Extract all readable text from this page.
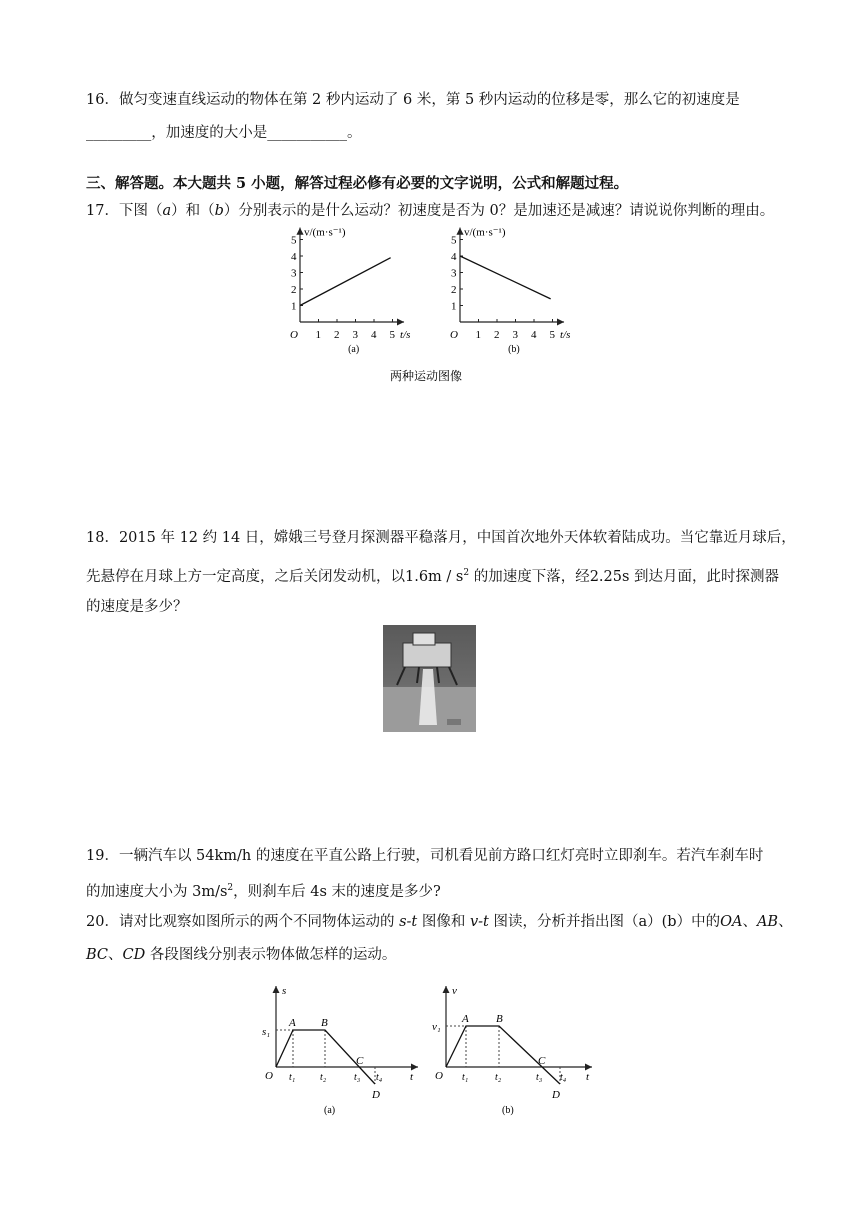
16．做匀变速直线运动的物体在第 2 秒内运动了 6 米，第 5 秒内运动的位移是零，那么它的初速度是
_________，加速度的大小是___________。
三、解答题。本大题共 5 小题，解答过程必修有必要的文字说明，公式和解题过程。
17．下图（a）和（b）分别表示的是什么运动？初速度是否为 0？是加速还是减速？请说说你判断的理由。
1
2
3
4
5
1 2 3 4 5
O
v/(m·s⁻¹)
t/s
(a)
1
2
3
4
5
1 2 3 4 5
O
v/(m·s⁻¹)
t/s
(b)
两种运动图像
18．2015 年 12 约 14 日，嫦娥三号登月探测器平稳落月，中国首次地外天体软着陆成功。当它靠近月球后，
先悬停在月球上方一定高度，之后关闭发动机，以$1.6m / s^2$ 的加速度下落，经2.25s 到达月面，此时探测器
的速度是多少？
19．一辆汽车以 54km/h 的速度在平直公路上行驶，司机看见前方路口红灯亮时立即刹车。若汽车刹车时
的加速度大小为 $3m/s^2$，则刹车后 4s 末的速度是多少?
20．请对比观察如图所示的两个不同物体运动的 s-t 图像和 v-t 图读，分析并指出图（a）(b）中的OA、AB、
BC、CD 各段图线分别表示物体做怎样的运动。
s
t
O
s₁
A B
C
D
t₁ t₂	t₃ t₄
(a)
v
t
O
v₁
A B
C
D
t₁	t₂	t₃ t₄
(b)
